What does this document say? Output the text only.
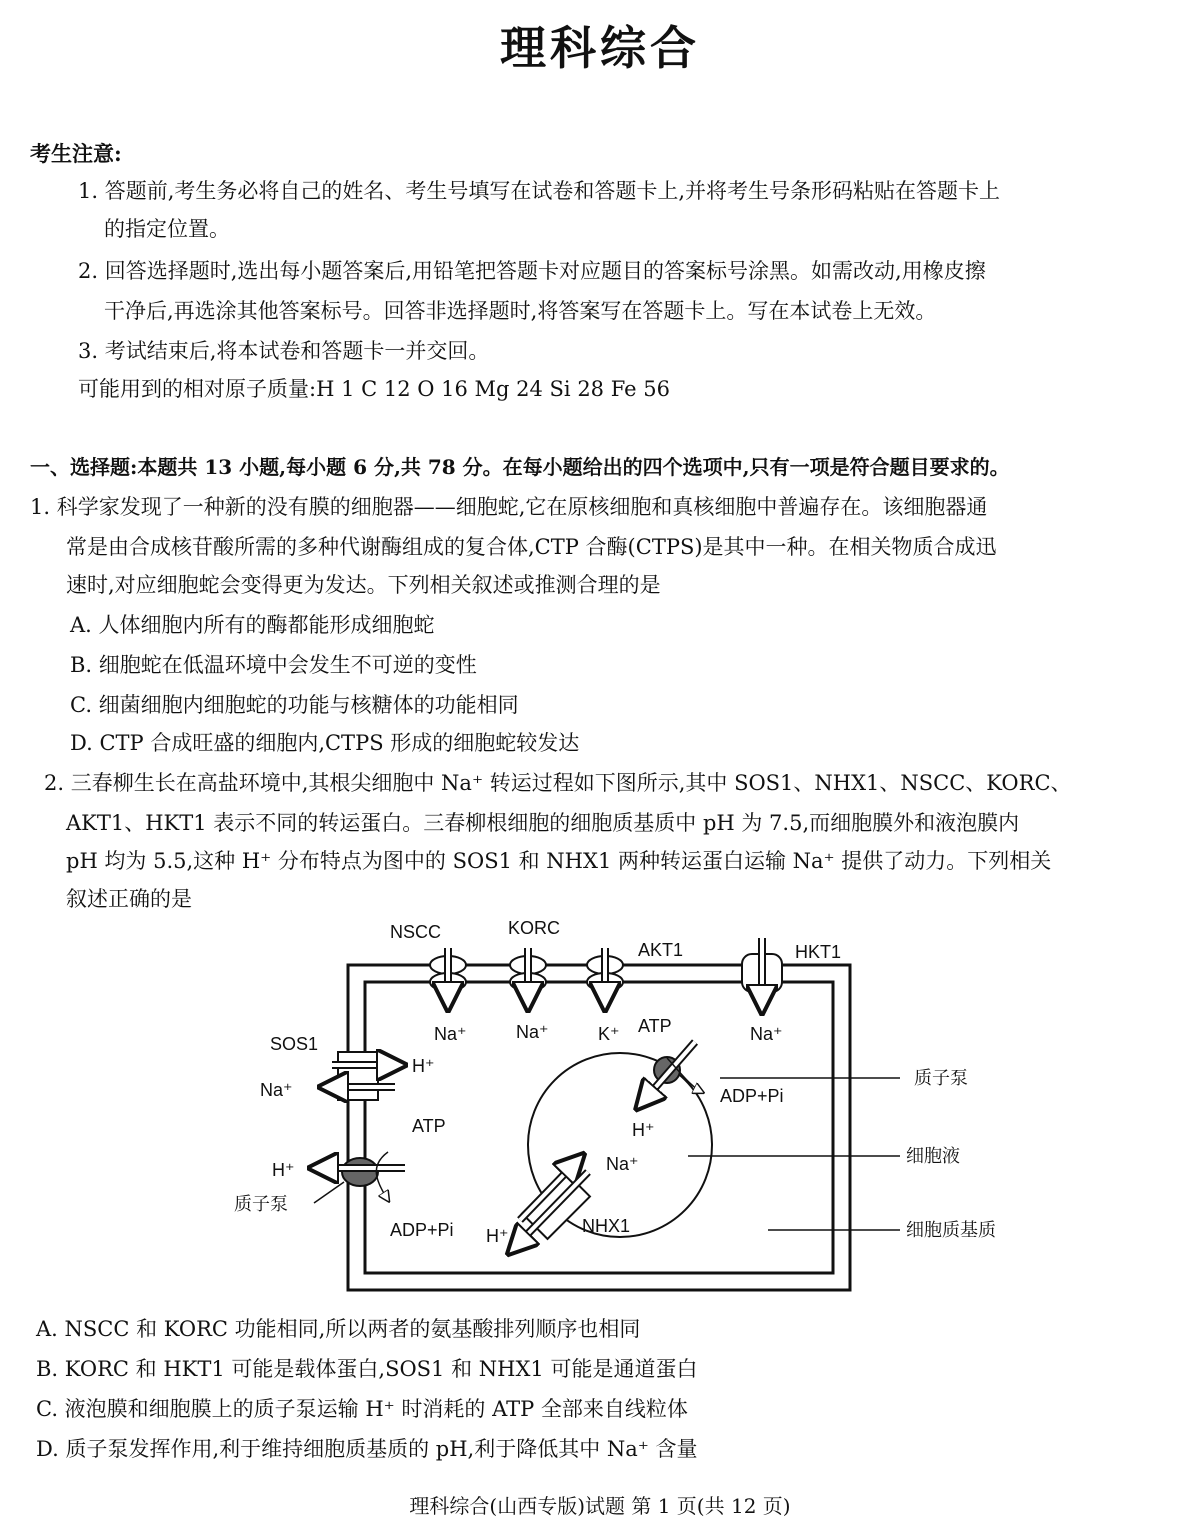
理科综合
考生注意:
1. 答题前,考生务必将自己的姓名、考生号填写在试卷和答题卡上,并将考生号条形码粘贴在答题卡上
的指定位置。
2. 回答选择题时,选出每小题答案后,用铅笔把答题卡对应题目的答案标号涂黑。如需改动,用橡皮擦
干净后,再选涂其他答案标号。回答非选择题时,将答案写在答题卡上。写在本试卷上无效。
3. 考试结束后,将本试卷和答题卡一并交回。
可能用到的相对原子质量:H 1 C 12 O 16 Mg 24 Si 28 Fe 56
一、选择题:本题共 13 小题,每小题 6 分,共 78 分。在每小题给出的四个选项中,只有一项是符合题目要求的。
1. 科学家发现了一种新的没有膜的细胞器——细胞蛇,它在原核细胞和真核细胞中普遍存在。该细胞器通
常是由合成核苷酸所需的多种代谢酶组成的复合体,CTP 合酶(CTPS)是其中一种。在相关物质合成迅
速时,对应细胞蛇会变得更为发达。下列相关叙述或推测合理的是
A. 人体细胞内所有的酶都能形成细胞蛇
B. 细胞蛇在低温环境中会发生不可逆的变性
C. 细菌细胞内细胞蛇的功能与核糖体的功能相同
D. CTP 合成旺盛的细胞内,CTPS 形成的细胞蛇较发达
2. 三春柳生长在高盐环境中,其根尖细胞中 Na⁺ 转运过程如下图所示,其中 SOS1、NHX1、NSCC、KORC、
AKT1、HKT1 表示不同的转运蛋白。三春柳根细胞的细胞质基质中 pH 为 7.5,而细胞膜外和液泡膜内
pH 均为 5.5,这种 H⁺ 分布特点为图中的 SOS1 和 NHX1 两种转运蛋白运输 Na⁺ 提供了动力。下列相关
叙述正确的是
NSCC	KORC
AKT1	HKT1
Na⁺	Na⁺	K⁺	Na⁺
SOS1
H⁺
Na⁺
ATP
H⁺
质子泵
ADP+Pi
ATP
ADP+Pi
H⁺
Na⁺
NHX1
H⁺
质子泵
细胞液
细胞质基质
A. NSCC 和 KORC 功能相同,所以两者的氨基酸排列顺序也相同
B. KORC 和 HKT1 可能是载体蛋白,SOS1 和 NHX1 可能是通道蛋白
C. 液泡膜和细胞膜上的质子泵运输 H⁺ 时消耗的 ATP 全部来自线粒体
D. 质子泵发挥作用,利于维持细胞质基质的 pH,利于降低其中 Na⁺ 含量
理科综合(山西专版)试题 第 1 页(共 12 页)
